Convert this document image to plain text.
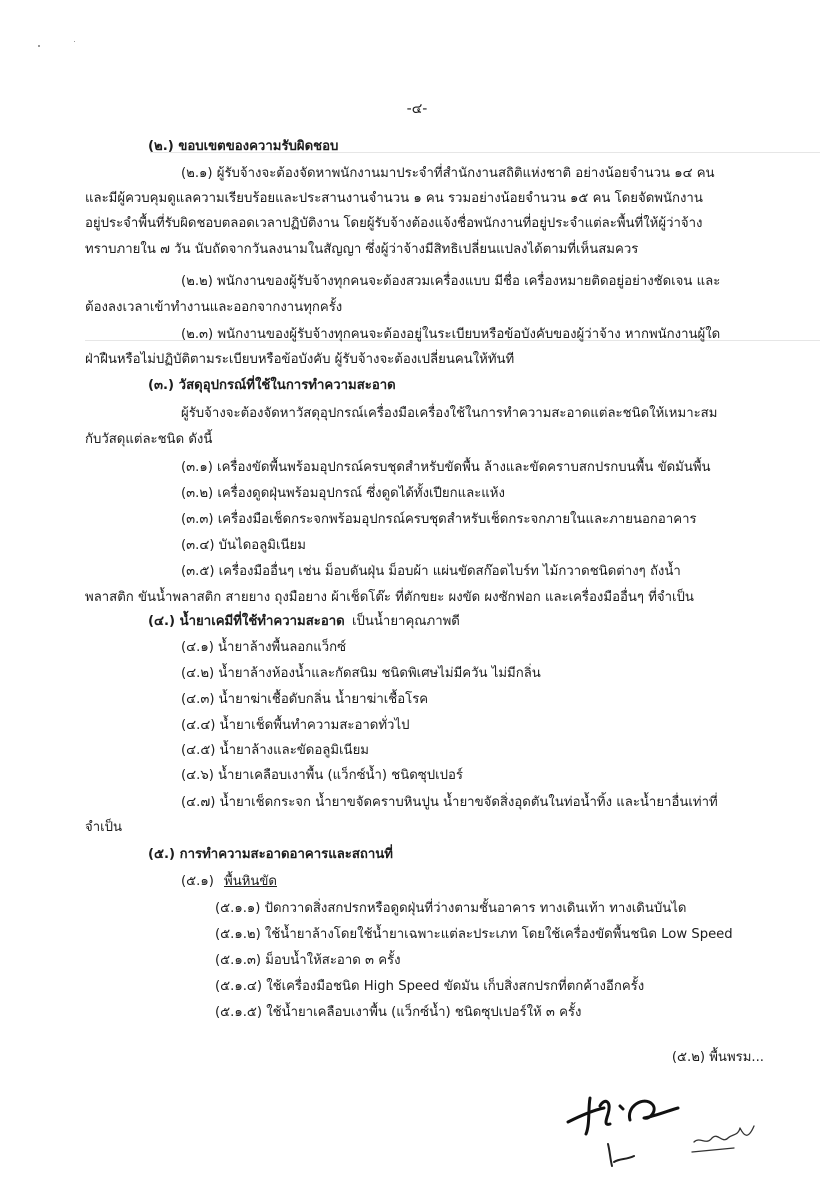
-๔-
(๒.) ขอบเขตของความรับผิดชอบ
(๒.๑) ผู้รับจ้างจะต้องจัดหาพนักงานมาประจำที่สำนักงานสถิติแห่งชาติ อย่างน้อยจำนวน ๑๔ คน
และมีผู้ควบคุมดูแลความเรียบร้อยและประสานงานจำนวน ๑ คน รวมอย่างน้อยจำนวน ๑๕ คน โดยจัดพนักงาน
อยู่ประจำพื้นที่รับผิดชอบตลอดเวลาปฏิบัติงาน โดยผู้รับจ้างต้องแจ้งชื่อพนักงานที่อยู่ประจำแต่ละพื้นที่ให้ผู้ว่าจ้าง
ทราบภายใน ๗ วัน นับถัดจากวันลงนามในสัญญา ซึ่งผู้ว่าจ้างมีสิทธิเปลี่ยนแปลงได้ตามที่เห็นสมควร
(๒.๒) พนักงานของผู้รับจ้างทุกคนจะต้องสวมเครื่องแบบ มีชื่อ เครื่องหมายติดอยู่อย่างชัดเจน และ
ต้องลงเวลาเข้าทำงานและออกจากงานทุกครั้ง
(๒.๓) พนักงานของผู้รับจ้างทุกคนจะต้องอยู่ในระเบียบหรือข้อบังคับของผู้ว่าจ้าง หากพนักงานผู้ใด
ฝ่าฝืนหรือไม่ปฏิบัติตามระเบียบหรือข้อบังคับ ผู้รับจ้างจะต้องเปลี่ยนคนให้ทันที
(๓.) วัสดุอุปกรณ์ที่ใช้ในการทำความสะอาด
ผู้รับจ้างจะต้องจัดหาวัสดุอุปกรณ์เครื่องมือเครื่องใช้ในการทำความสะอาดแต่ละชนิดให้เหมาะสม
กับวัสดุแต่ละชนิด ดังนี้
(๓.๑) เครื่องขัดพื้นพร้อมอุปกรณ์ครบชุดสำหรับขัดพื้น ล้างและขัดคราบสกปรกบนพื้น ขัดมันพื้น
(๓.๒) เครื่องดูดฝุ่นพร้อมอุปกรณ์ ซึ่งดูดได้ทั้งเปียกและแห้ง
(๓.๓) เครื่องมือเช็ดกระจกพร้อมอุปกรณ์ครบชุดสำหรับเช็ดกระจกภายในและภายนอกอาคาร
(๓.๔) บันไดอลูมิเนียม
(๓.๕) เครื่องมืออื่นๆ เช่น ม็อบดันฝุ่น ม็อบผ้า แผ่นขัดสก๊อตไบร์ท ไม้กวาดชนิดต่างๆ ถังน้ำ
พลาสติก ขันน้ำพลาสติก สายยาง ถุงมือยาง ผ้าเช็ดโต๊ะ ที่ตักขยะ ผงขัด ผงซักฟอก และเครื่องมืออื่นๆ ที่จำเป็น
(๔.) น้ำยาเคมีที่ใช้ทำความสะอาด เป็นน้ำยาคุณภาพดี
(๔.๑) น้ำยาล้างพื้นลอกแว็กซ์
(๔.๒) น้ำยาล้างห้องน้ำและกัดสนิม ชนิดพิเศษไม่มีควัน ไม่มีกลิ่น
(๔.๓) น้ำยาฆ่าเชื้อดับกลิ่น น้ำยาฆ่าเชื้อโรค
(๔.๔) น้ำยาเช็ดพื้นทำความสะอาดทั่วไป
(๔.๕) น้ำยาล้างและขัดอลูมิเนียม
(๔.๖) น้ำยาเคลือบเงาพื้น (แว็กซ์น้ำ) ชนิดซุปเปอร์
(๔.๗) น้ำยาเช็ดกระจก น้ำยาขจัดคราบหินปูน น้ำยาขจัดสิ่งอุดตันในท่อน้ำทิ้ง และน้ำยาอื่นเท่าที่
จำเป็น
(๕.) การทำความสะอาดอาคารและสถานที่
(๕.๑) พื้นหินขัด
(๕.๑.๑) ปัดกวาดสิ่งสกปรกหรือดูดฝุ่นที่ว่างตามชั้นอาคาร ทางเดินเท้า ทางเดินบันได
(๕.๑.๒) ใช้น้ำยาล้างโดยใช้น้ำยาเฉพาะแต่ละประเภท โดยใช้เครื่องขัดพื้นชนิด Low Speed
(๕.๑.๓) ม็อบน้ำให้สะอาด ๓ ครั้ง
(๕.๑.๔) ใช้เครื่องมือชนิด High Speed ขัดมัน เก็บสิ่งสกปรกที่ตกค้างอีกครั้ง
(๕.๑.๕) ใช้น้ำยาเคลือบเงาพื้น (แว็กซ์น้ำ) ชนิดซุปเปอร์ให้ ๓ ครั้ง
(๕.๒) พื้นพรม...
